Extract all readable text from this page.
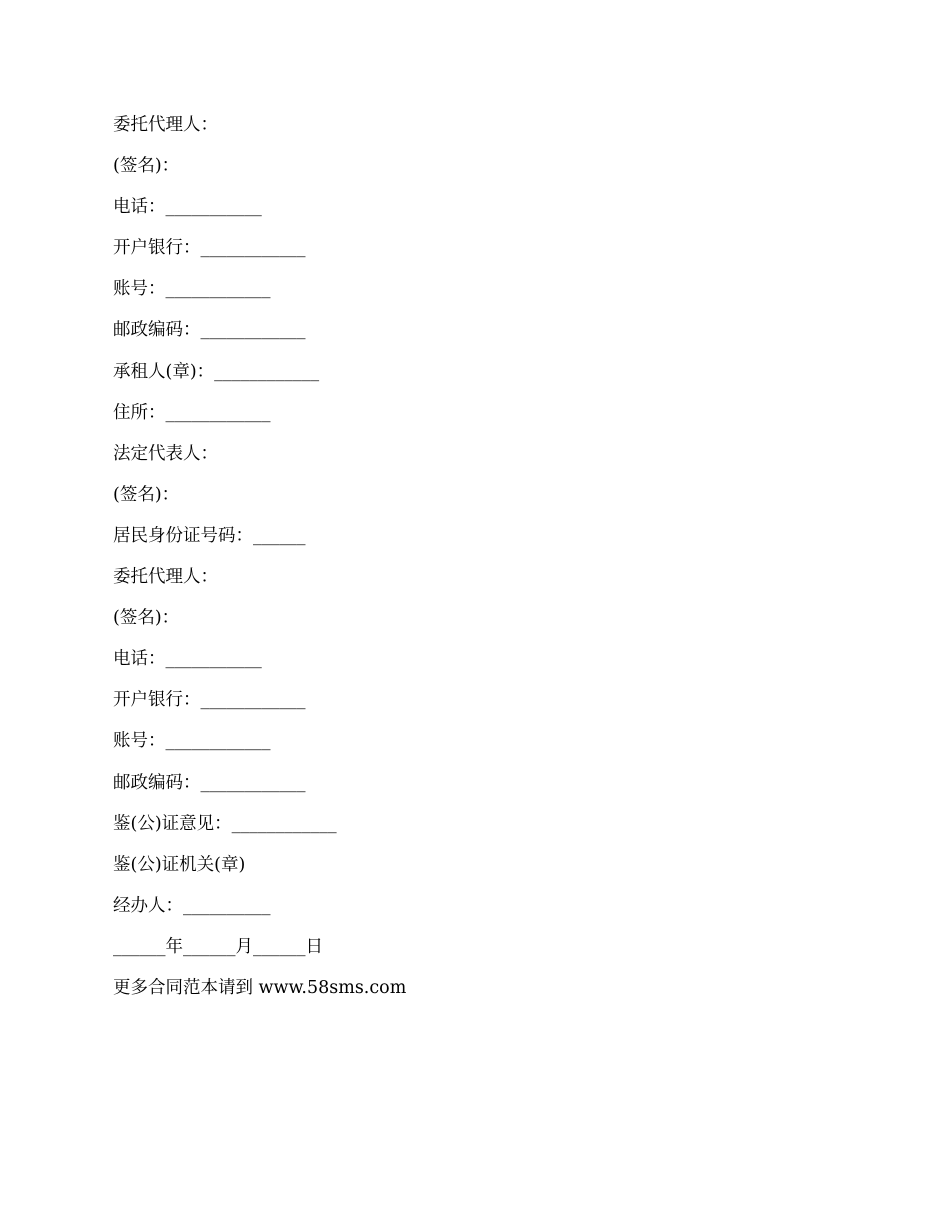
委托代理人：
(签名)：
电话：___________
开户银行：____________
账号：____________
邮政编码：____________
承租人(章)：____________
住所：____________
法定代表人：
(签名)：
居民身份证号码：______
委托代理人：
(签名)：
电话：___________
开户银行：____________
账号：____________
邮政编码：____________
鉴(公)证意见：____________
鉴(公)证机关(章)
经办人：__________
______年______月______日
更多合同范本请到 www.58sms.com
